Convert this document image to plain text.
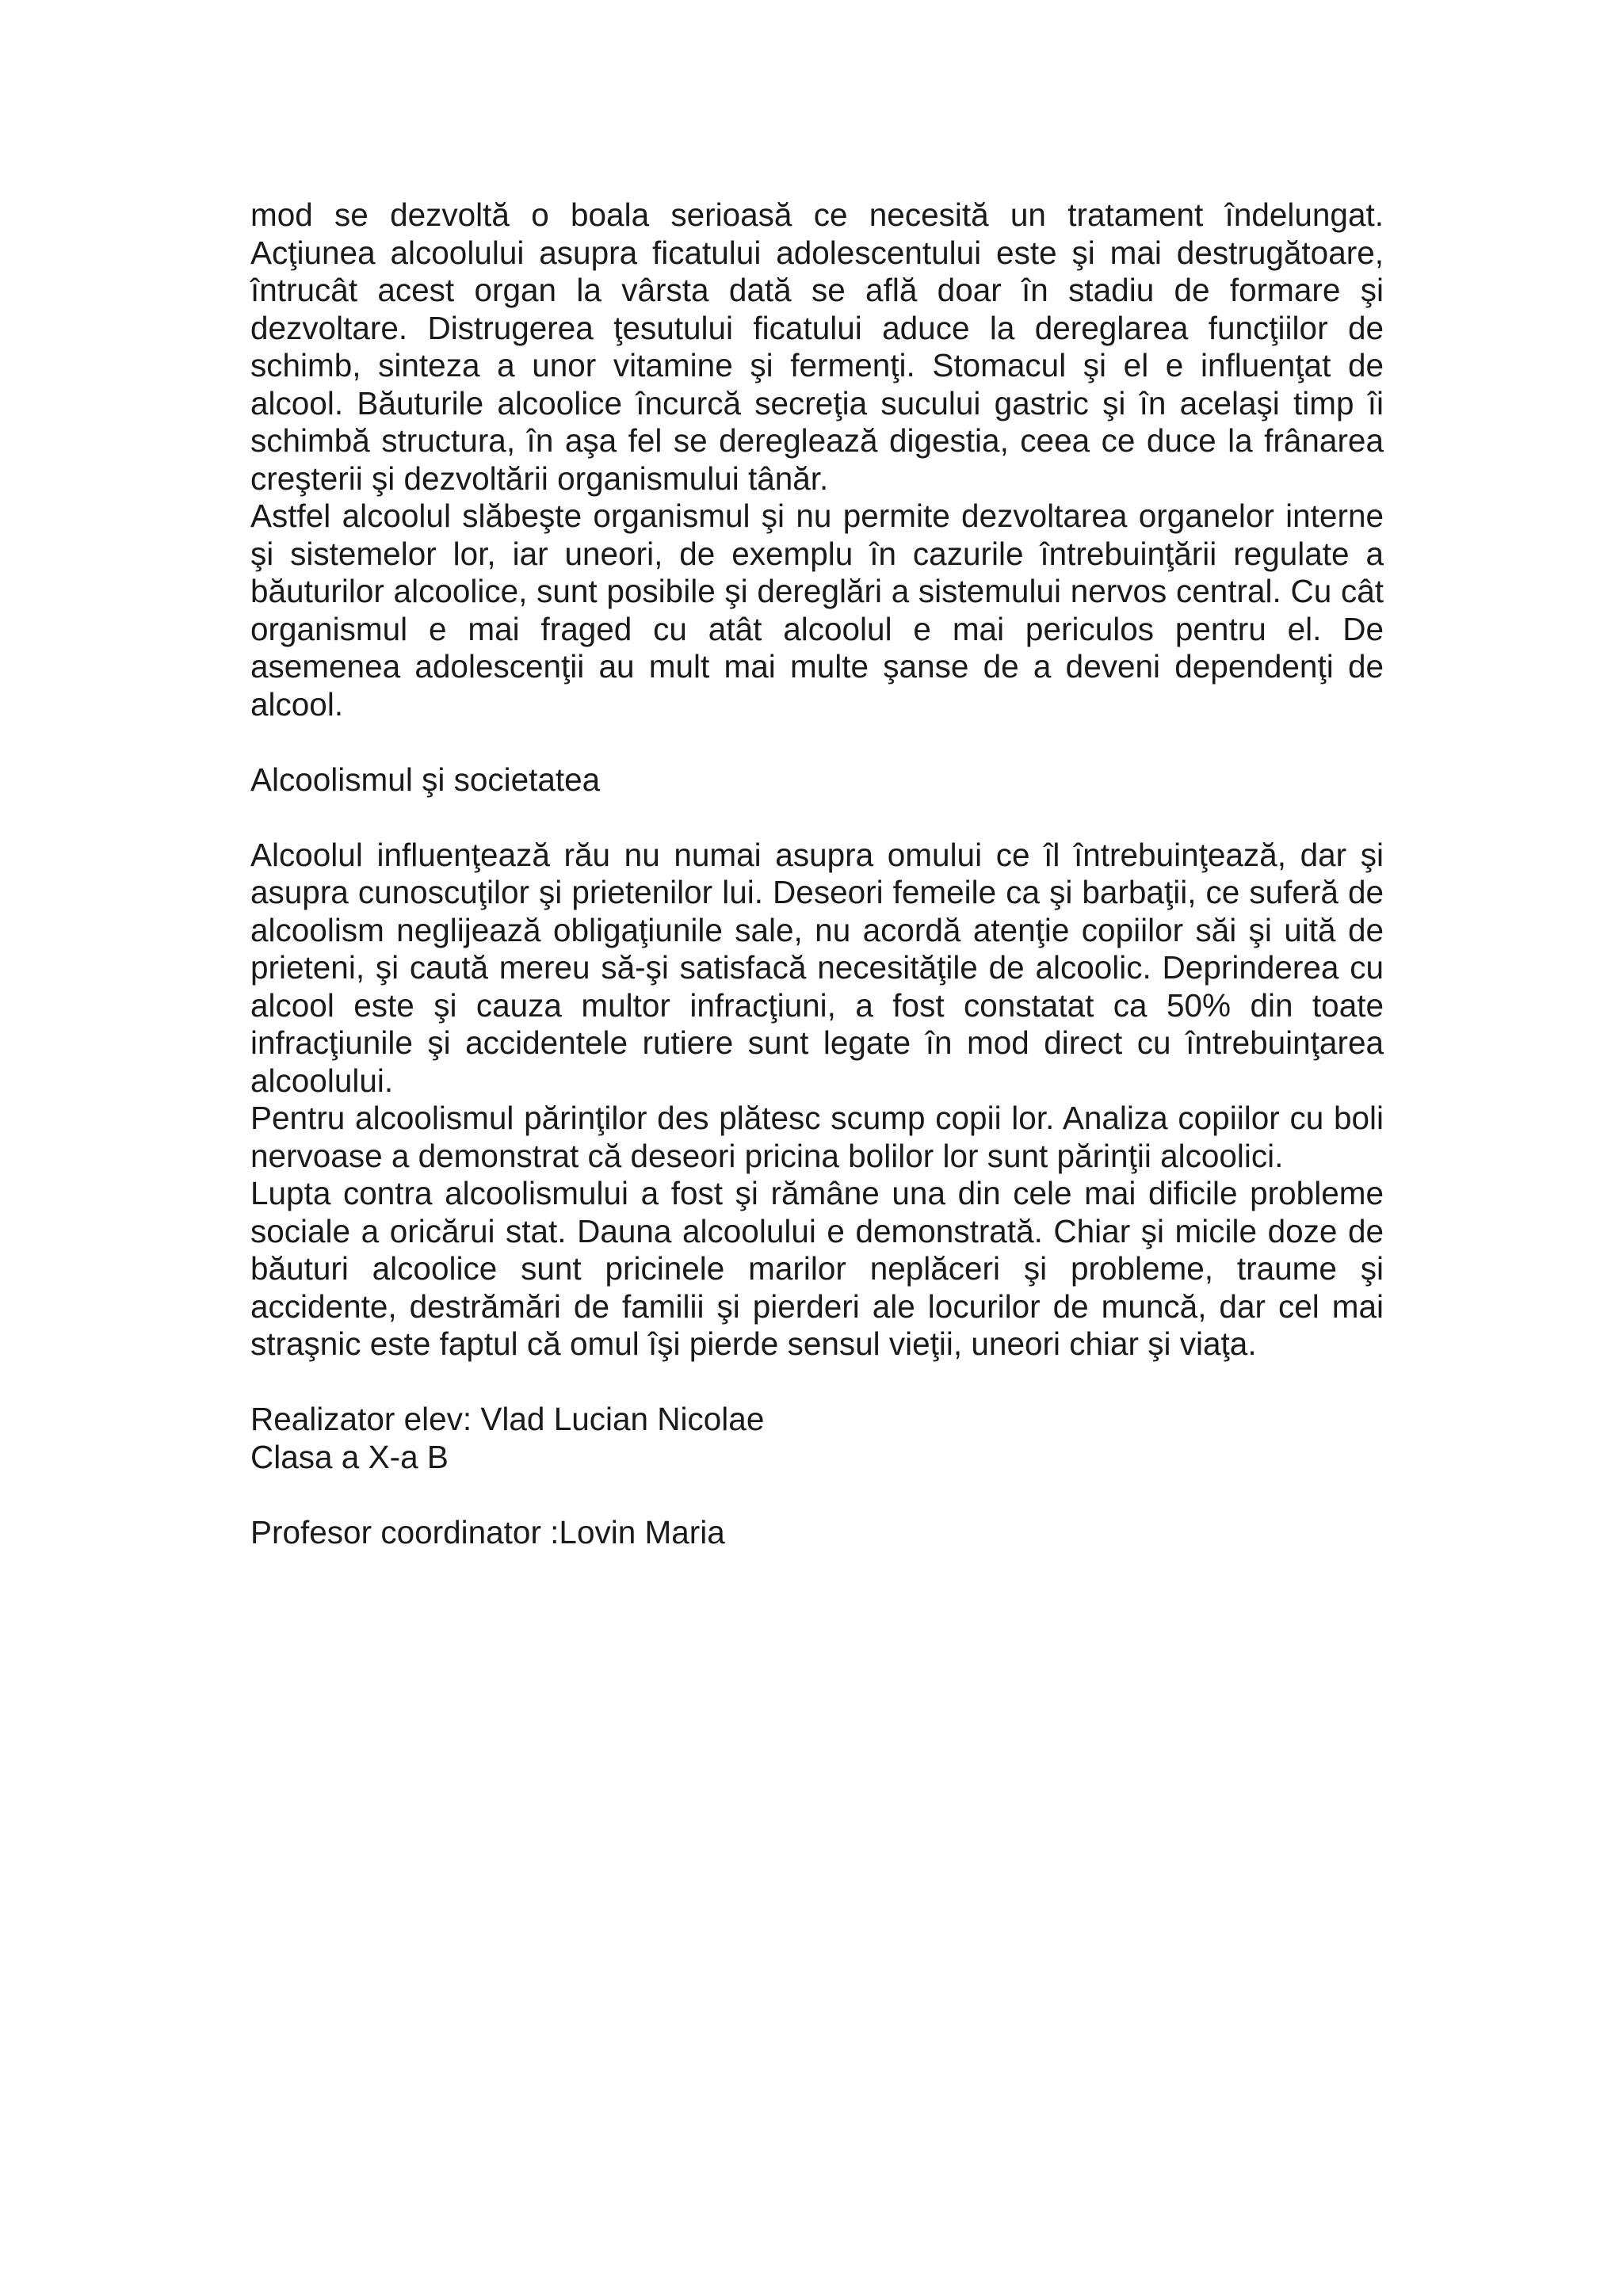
mod se dezvoltă o boala serioasă ce necesită un tratament îndelungat. Acţiunea alcoolului asupra ficatului adolescentului este şi mai destrugătoare, întrucât acest organ la vârsta dată se află doar în stadiu de formare şi dezvoltare. Distrugerea ţesutului ficatului aduce la dereglarea funcţiilor de schimb, sinteza a unor vitamine şi fermenţi. Stomacul şi el e influenţat de alcool. Băuturile alcoolice încurcă secreţia sucului gastric şi în acelaşi timp îi schimbă structura, în aşa fel se dereglează digestia, ceea ce duce la frânarea creşterii şi dezvoltării organismului tânăr.

Astfel alcoolul slăbeşte organismul şi nu permite dezvoltarea organelor interne şi sistemelor lor, iar uneori, de exemplu în cazurile întrebuinţării regulate a băuturilor alcoolice, sunt posibile şi dereglări a sistemului nervos central. Cu cât organismul e mai fraged cu atât alcoolul e mai periculos pentru el. De asemenea adolescenţii au mult mai multe şanse de a deveni dependenţi de alcool.

Alcoolismul şi societatea

Alcoolul influenţează rău nu numai asupra omului ce îl întrebuinţează, dar şi asupra cunoscuţilor şi prietenilor lui. Deseori femeile ca şi barbaţii, ce suferă de alcoolism neglijează obligaţiunile sale, nu acordă atenţie copiilor săi şi uită de prieteni, şi caută mereu să-şi satisfacă necesităţile de alcoolic. Deprinderea cu alcool este şi cauza multor infracţiuni, a fost constatat ca 50% din toate infracţiunile şi accidentele rutiere sunt legate în mod direct cu întrebuinţarea alcoolului.

Pentru alcoolismul părinţilor des plătesc scump copii lor. Analiza copiilor cu boli nervoase a demonstrat că deseori pricina bolilor lor sunt părinţii alcoolici.

Lupta contra alcoolismului a fost şi rămâne una din cele mai dificile probleme sociale a oricărui stat. Dauna alcoolului e demonstrată. Chiar şi micile doze de băuturi alcoolice sunt pricinele marilor neplăceri şi probleme, traume şi accidente, destrămări de familii şi pierderi ale locurilor de muncă, dar cel mai straşnic este faptul că omul îşi pierde sensul vieţii, uneori chiar şi viaţa.

Realizator elev: Vlad Lucian Nicolae

Clasa a X-a B

Profesor coordinator :Lovin Maria
